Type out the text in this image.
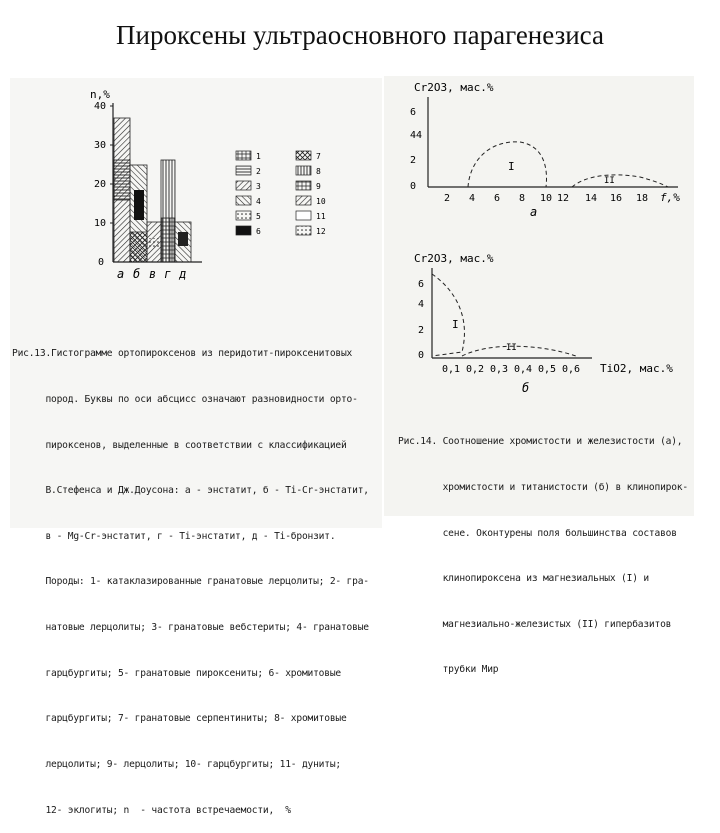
Пироксены ультраосновного парагенезиса
n,%
40
30
20
10
0
а б в г д
1
2
3
4
5
6
7
8
9
10
11
12
Cr2O3, мас.%
6
44
2
0
2 4 6 8 10 12 14 16 18 f,%
I
II
а
Cr2O3, мас.%
6
4
2
0
0,1 0,2 0,3 0,4 0,5 0,6 TiO2, мас.%
I
II
б

Рис.13.Гистограмме ортопироксенов из перидотит-пироксенитовых

пород. Буквы по оси абсцисс означают разновидности орто-

пироксенов, выделенные в соответствии с классификацией

В.Стефенса и Дж.Доусона: а - энстатит, б - Ti-Cr-энстатит,

в - Mg-Cr-энстатит, г - Ti-энстатит, д - Ti-бронзит.

Породы: 1- катаклазированные гранатовые лерцолиты; 2- гра-

натовые лерцолиты; 3- гранатовые вебстериты; 4- гранатовые

гарцбургиты; 5- гранатовые пироксениты; 6- хромитовые

гарцбургиты; 7- гранатовые серпентиниты; 8- хромитовые

лерцолиты; 9- лерцолиты; 10- гарцбургиты; 11- дуниты;

12- эклогиты; n  - частота встречаемости,  %

Рис.14. Соотношение хромистости и железистости (а),

хромистости и титанистости (б) в клинопирок-

сене. Оконтурены поля большинства составов

клинопироксена из магнезиальных (I) и

магнезиально-железистых (II) гипербазитов

трубки Мир
